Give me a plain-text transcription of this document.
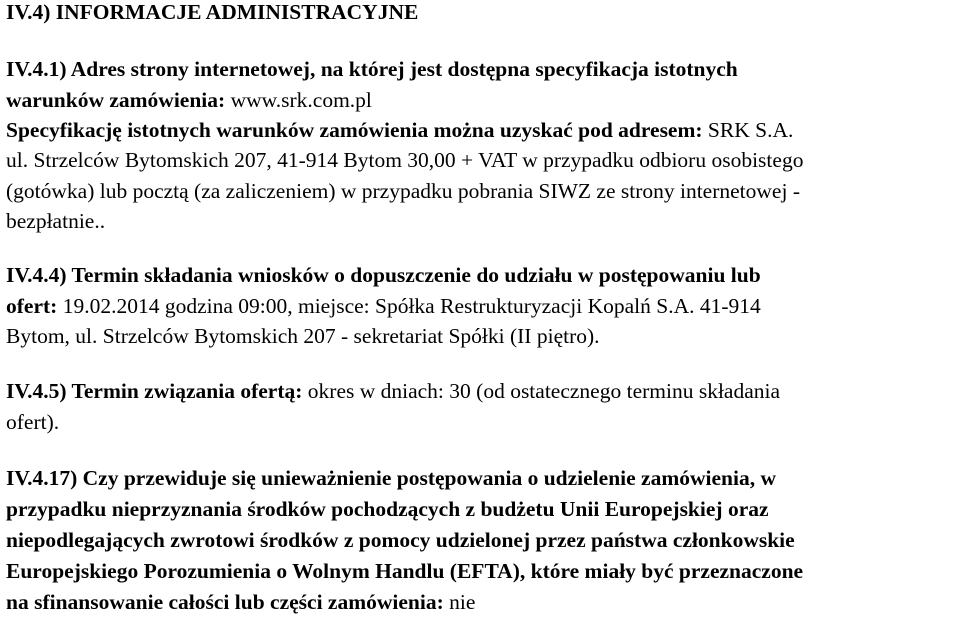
IV.4) INFORMACJE ADMINISTRACYJNE
IV.4.1) Adres strony internetowej, na której jest dostępna specyfikacja istotnych
warunków zamówienia: www.srk.com.pl
Specyfikację istotnych warunków zamówienia można uzyskać pod adresem: SRK S.A.
ul. Strzelców Bytomskich 207, 41-914 Bytom 30,00 + VAT w przypadku odbioru osobistego
(gotówka) lub pocztą (za zaliczeniem) w przypadku pobrania SIWZ ze strony internetowej -
bezpłatnie..
IV.4.4) Termin składania wniosków o dopuszczenie do udziału w postępowaniu lub
ofert: 19.02.2014 godzina 09:00, miejsce: Spółka Restrukturyzacji Kopalń S.A. 41-914
Bytom, ul. Strzelców Bytomskich 207 - sekretariat Spółki (II piętro).
IV.4.5) Termin związania ofertą: okres w dniach: 30 (od ostatecznego terminu składania
ofert).
IV.4.17) Czy przewiduje się unieważnienie postępowania o udzielenie zamówienia, w
przypadku nieprzyznania środków pochodzących z budżetu Unii Europejskiej oraz
niepodlegających zwrotowi środków z pomocy udzielonej przez państwa członkowskie
Europejskiego Porozumienia o Wolnym Handlu (EFTA), które miały być przeznaczone
na sfinansowanie całości lub części zamówienia: nie
